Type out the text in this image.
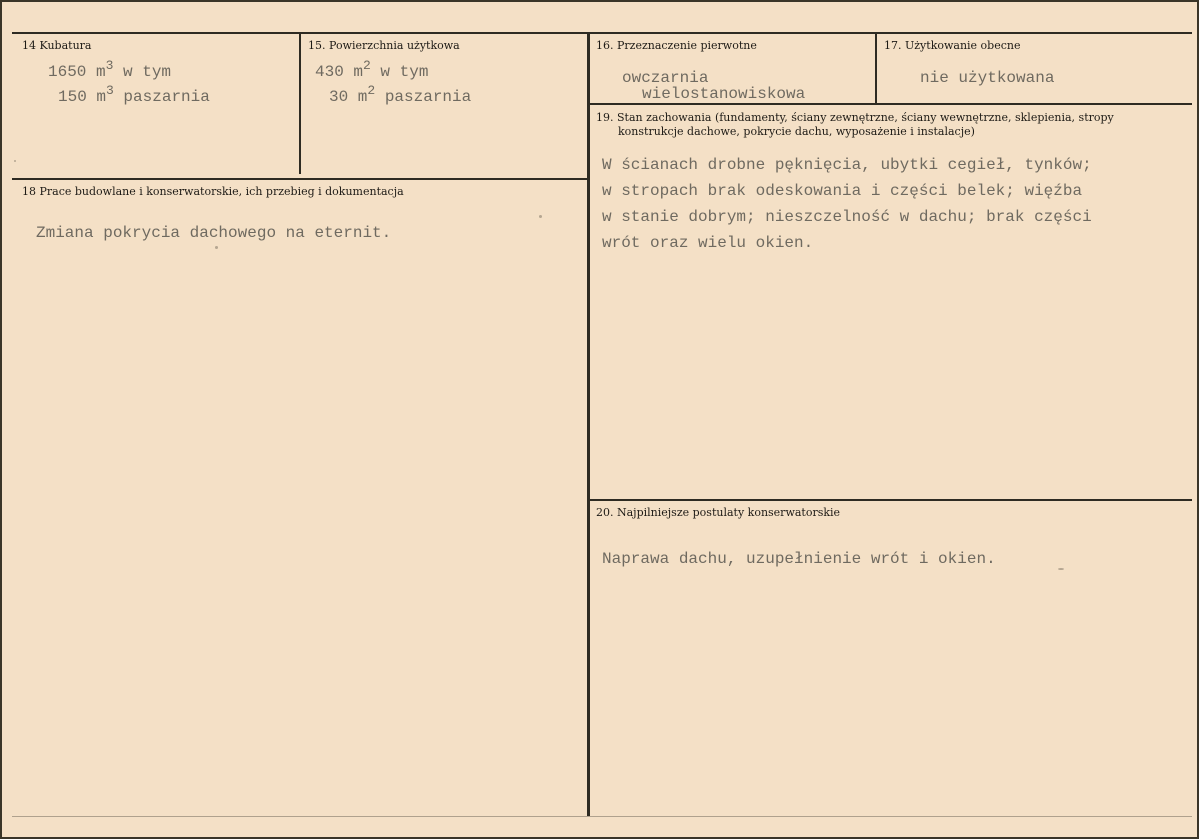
14 Kubatura
1650 $m^3$ w tym
150 $m^3$ paszarnia
15. Powierzchnia użytkowa
430 $m^2$ w tym
30 $m^2$ paszarnia
16. Przeznaczenie pierwotne
owczarnia
wielostanowiskowa
17. Użytkowanie obecne
nie użytkowana
18 Prace budowlane i konserwatorskie, ich przebieg i dokumentacja
Zmiana pokrycia dachowego na eternit.
19. Stan zachowania (fundamenty, ściany zewnętrzne, ściany wewnętrzne, sklepienia, stropy
konstrukcje dachowe, pokrycie dachu, wyposażenie i instalacje)
W ścianach drobne pęknięcia, ubytki cegieł, tynków;
w stropach brak odeskowania i części belek; więźba
w stanie dobrym; nieszczelność w dachu; brak części
wrót oraz wielu okien.
20. Najpilniejsze postulaty konserwatorskie
Naprawa dachu, uzupełnienie wrót i okien.
